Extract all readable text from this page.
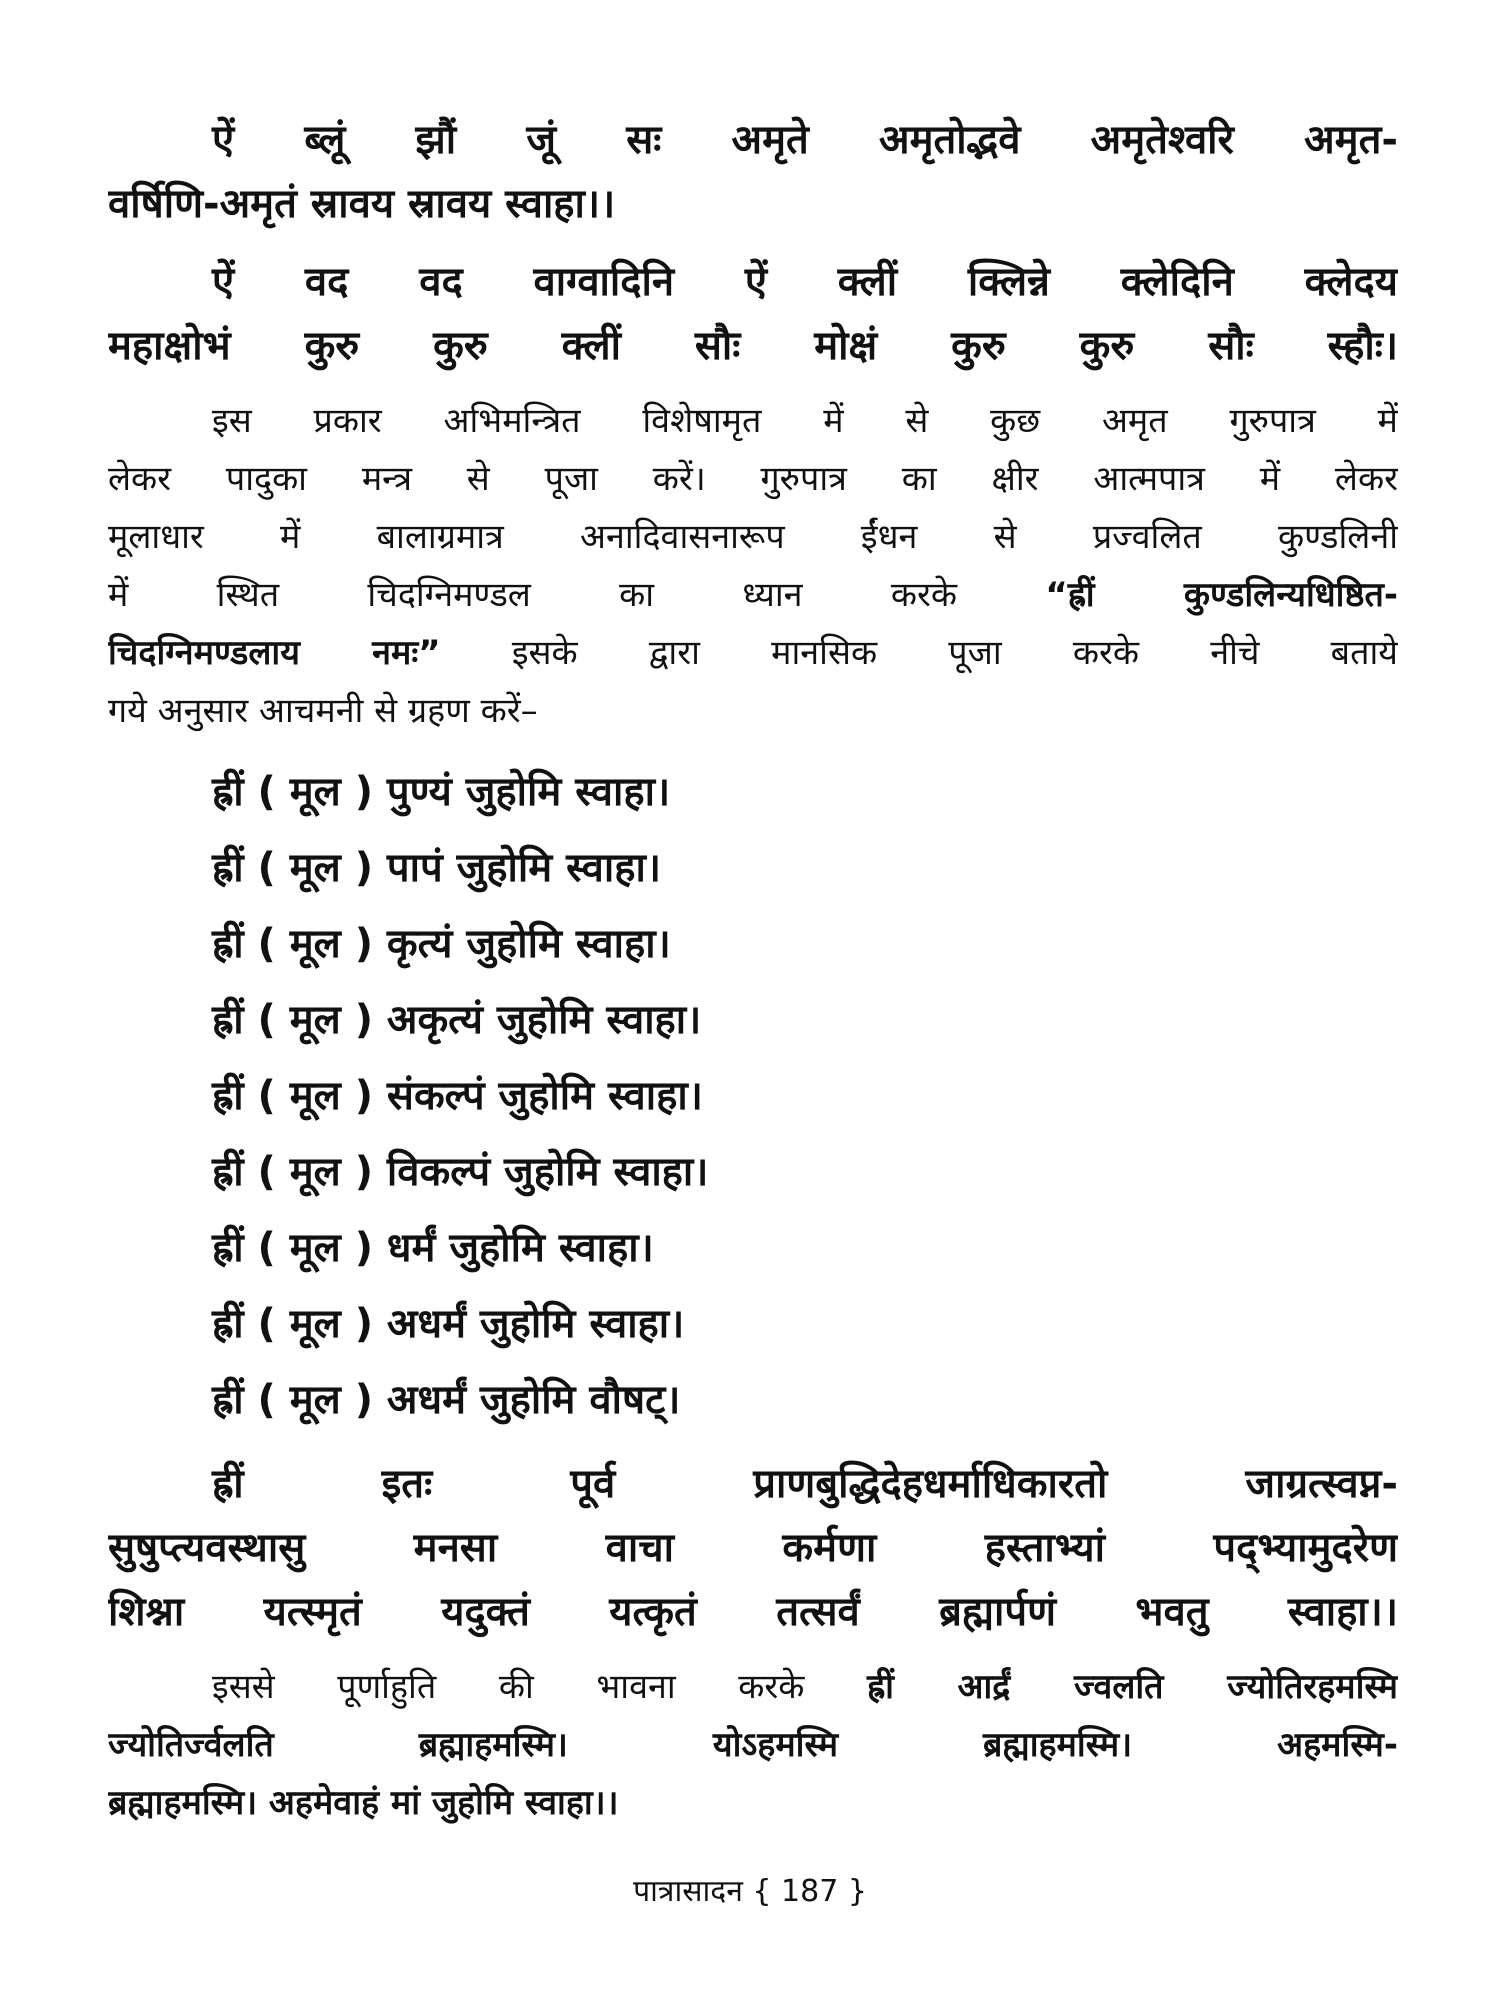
ऐं ब्लूं झौं जूं सः अमृते अमृतोद्भवे अमृतेश्वरि अमृत-

वर्षिणि-अमृतं स्रावय स्रावय स्वाहा।।

ऐं वद वद वाग्वादिनि ऐं क्लीं क्लिन्ने क्लेदिनि क्लेदय

महाक्षोभं कुरु कुरु क्लीं सौः मोक्षं कुरु कुरु सौः स्हौः।

इस प्रकार अभिमन्त्रित विशेषामृत में से कुछ अमृत गुरुपात्र में

लेकर पादुका मन्त्र से पूजा करें। गुरुपात्र का क्षीर आत्मपात्र में लेकर

मूलाधार में बालाग्रमात्र अनादिवासनारूप ईंधन से प्रज्वलित कुण्डलिनी

में स्थित चिदग्निमण्डल का ध्यान करके	“ह्रीं कुण्डलिन्यधिष्ठित-

चिदग्निमण्डलाय नमः” इसके द्वारा मानसिक पूजा करके नीचे बताये

गये अनुसार आचमनी से ग्रहण करें–

ह्रीं ( मूल ) पुण्यं जुहोमि स्वाहा।

ह्रीं ( मूल ) पापं जुहोमि स्वाहा।

ह्रीं ( मूल ) कृत्यं जुहोमि स्वाहा।

ह्रीं ( मूल ) अकृत्यं जुहोमि स्वाहा।

ह्रीं ( मूल ) संकल्पं जुहोमि स्वाहा।

ह्रीं ( मूल ) विकल्पं जुहोमि स्वाहा।

ह्रीं ( मूल ) धर्मं जुहोमि स्वाहा।

ह्रीं ( मूल ) अधर्मं जुहोमि स्वाहा।

ह्रीं ( मूल ) अधर्मं जुहोमि वौषट्।

ह्रीं इतः पूर्व प्राणबुद्धिदेहधर्माधिकारतो जाग्रत्स्वप्न-

सुषुप्त्यवस्थासु मनसा वाचा कर्मणा हस्ताभ्यां पद्भ्यामुदरेण

शिश्ना यत्स्मृतं यदुक्तं यत्कृतं तत्सर्वं ब्रह्मार्पणं भवतु स्वाहा।।

इससे पूर्णाहुति की भावना करके ह्रीं आर्द्रं ज्वलति ज्योतिरहमस्मि

ज्योतिर्ज्वलति ब्रह्माहमस्मि। योऽहमस्मि ब्रह्माहमस्मि। अहमस्मि-

ब्रह्माहमस्मि। अहमेवाहं मां जुहोमि स्वाहा।।

पात्रासादन { 187 }
